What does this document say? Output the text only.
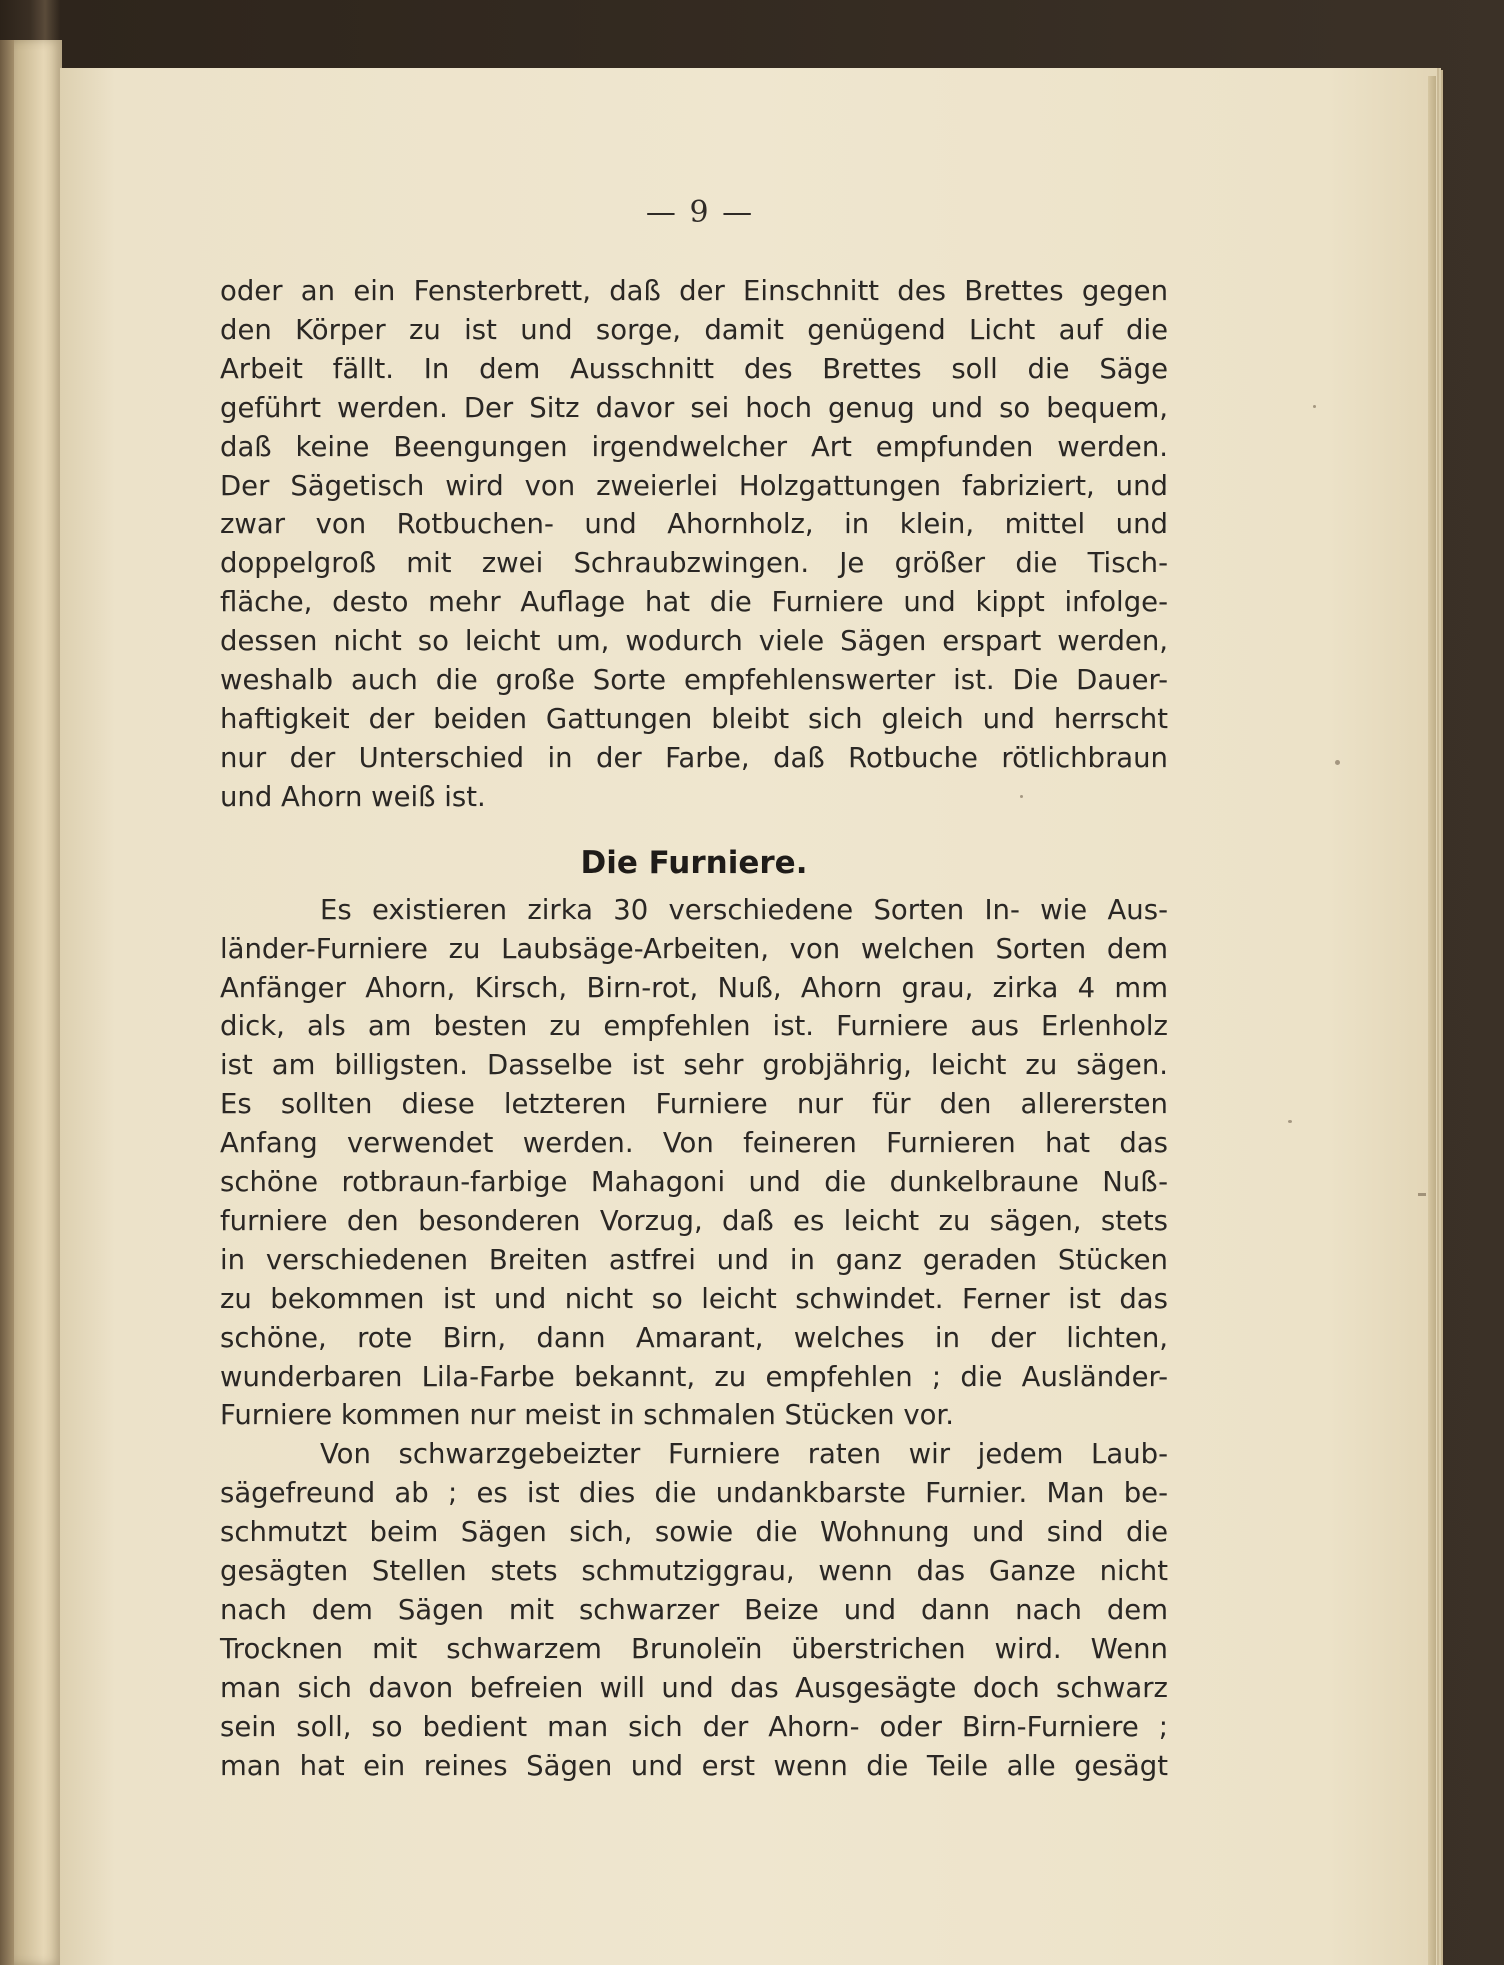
— 9 —
oder an ein Fensterbrett, daß der Einschnitt des Brettes gegen
den Körper zu ist und sorge, damit genügend Licht auf die
Arbeit fällt. In dem Ausschnitt des Brettes soll die Säge
geführt werden. Der Sitz davor sei hoch genug und so bequem,
daß keine Beengungen irgendwelcher Art empfunden werden.
Der Sägetisch wird von zweierlei Holzgattungen fabriziert, und
zwar von Rotbuchen- und Ahornholz, in klein, mittel und
doppelgroß mit zwei Schraubzwingen. Je größer die Tisch-
fläche, desto mehr Auflage hat die Furniere und kippt infolge-
dessen nicht so leicht um, wodurch viele Sägen erspart werden,
weshalb auch die große Sorte empfehlenswerter ist. Die Dauer-
haftigkeit der beiden Gattungen bleibt sich gleich und herrscht
nur der Unterschied in der Farbe, daß Rotbuche rötlichbraun
und Ahorn weiß ist.
Die Furniere.
Es existieren zirka 30 verschiedene Sorten In- wie Aus-
länder-Furniere zu Laubsäge-Arbeiten, von welchen Sorten dem
Anfänger Ahorn, Kirsch, Birn-rot, Nuß, Ahorn grau, zirka 4 mm
dick, als am besten zu empfehlen ist. Furniere aus Erlenholz
ist am billigsten. Dasselbe ist sehr grobjährig, leicht zu sägen.
Es sollten diese letzteren Furniere nur für den allerersten
Anfang verwendet werden. Von feineren Furnieren hat das
schöne rotbraun-farbige Mahagoni und die dunkelbraune Nuß-
furniere den besonderen Vorzug, daß es leicht zu sägen, stets
in verschiedenen Breiten astfrei und in ganz geraden Stücken
zu bekommen ist und nicht so leicht schwindet. Ferner ist das
schöne, rote Birn, dann Amarant, welches in der lichten,
wunderbaren Lila-Farbe bekannt, zu empfehlen ; die Ausländer-
Furniere kommen nur meist in schmalen Stücken vor.
Von schwarzgebeizter Furniere raten wir jedem Laub-
sägefreund ab ; es ist dies die undankbarste Furnier. Man be-
schmutzt beim Sägen sich, sowie die Wohnung und sind die
gesägten Stellen stets schmutziggrau, wenn das Ganze nicht
nach dem Sägen mit schwarzer Beize und dann nach dem
Trocknen mit schwarzem Brunoleïn überstrichen wird. Wenn
man sich davon befreien will und das Ausgesägte doch schwarz
sein soll, so bedient man sich der Ahorn- oder Birn-Furniere ;
man hat ein reines Sägen und erst wenn die Teile alle gesägt
